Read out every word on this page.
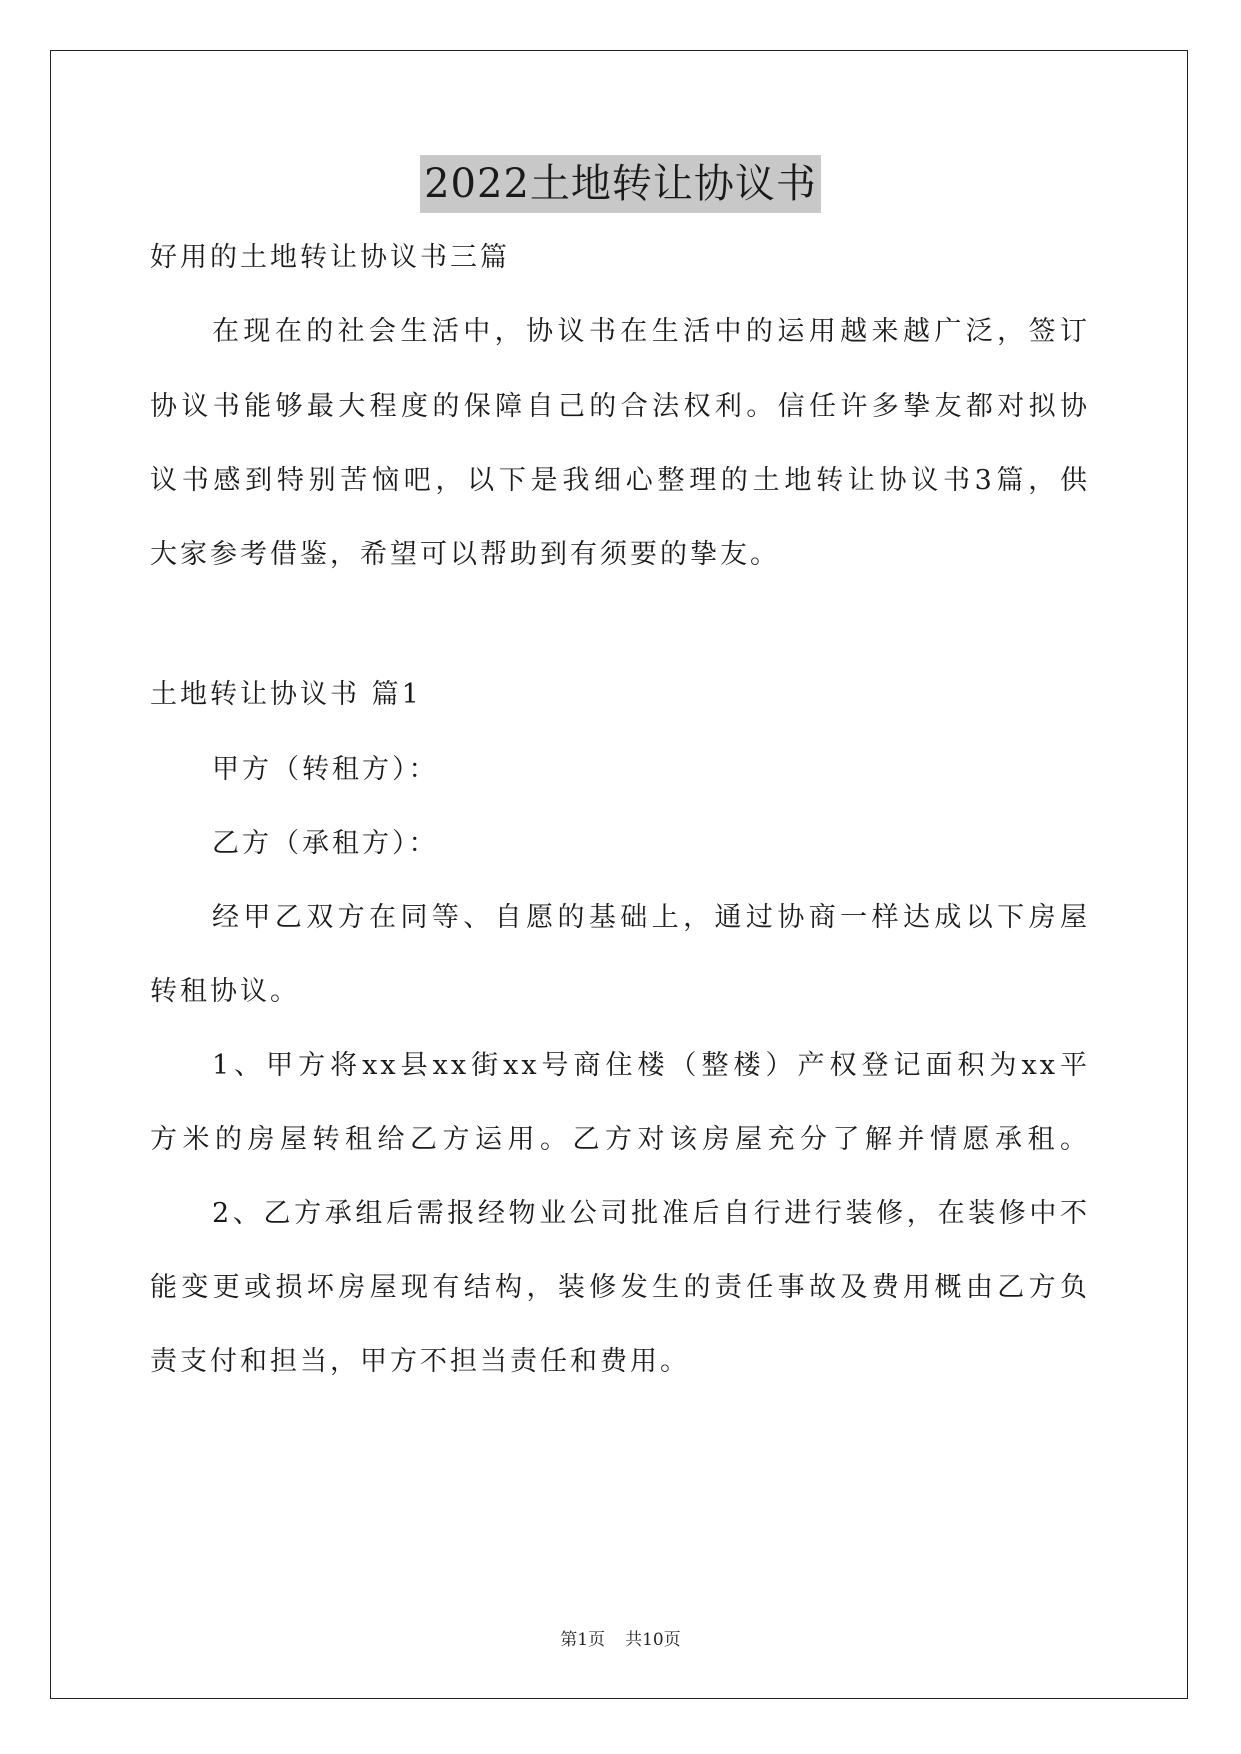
2022土地转让协议书
好用的土地转让协议书三篇
在现在的社会生活中，协议书在生活中的运用越来越广泛，签订
协议书能够最大程度的保障自己的合法权利。信任许多挚友都对拟协
议书感到特别苦恼吧，以下是我细心整理的土地转让协议书3篇，供
大家参考借鉴，希望可以帮助到有须要的挚友。
土地转让协议书 篇1
甲方（转租方）：
乙方（承租方）：
经甲乙双方在同等、自愿的基础上，通过协商一样达成以下房屋
转租协议。
1、甲方将xx县xx街xx号商住楼（整楼）产权登记面积为xx平
方米的房屋转租给乙方运用。乙方对该房屋充分了解并情愿承租。
2、乙方承组后需报经物业公司批准后自行进行装修，在装修中不
能变更或损坏房屋现有结构，装修发生的责任事故及费用概由乙方负
责支付和担当，甲方不担当责任和费用。
第1页 共10页
